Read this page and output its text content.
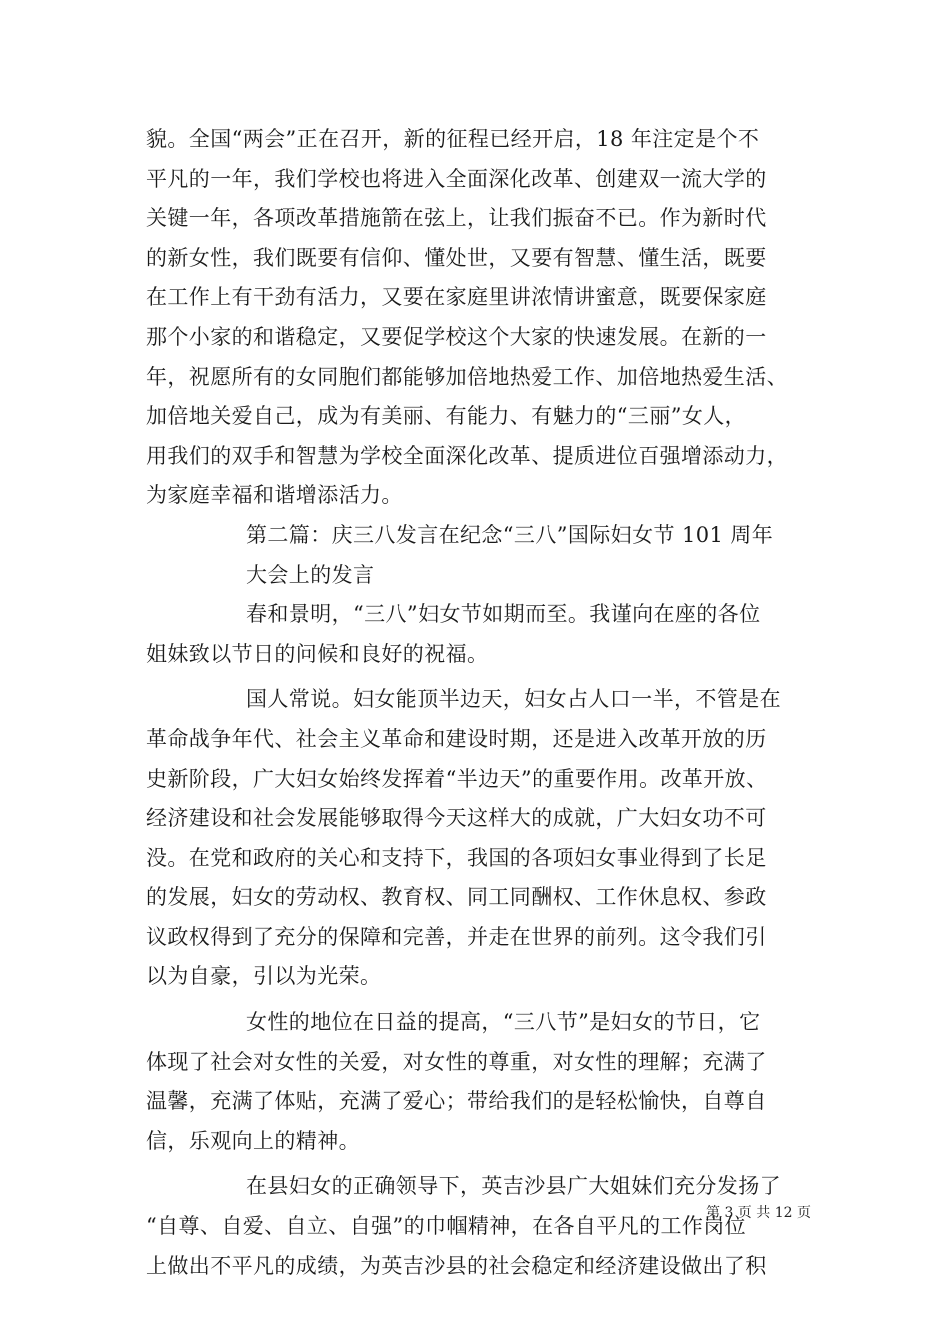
貌。全国“两会”正在召开，新的征程已经开启，18 年注定是个不
平凡的一年，我们学校也将进入全面深化改革、创建双一流大学的
关键一年，各项改革措施箭在弦上，让我们振奋不已。作为新时代
的新女性，我们既要有信仰、懂处世，又要有智慧、懂生活，既要
在工作上有干劲有活力，又要在家庭里讲浓情讲蜜意，既要保家庭
那个小家的和谐稳定，又要促学校这个大家的快速发展。在新的一
年，祝愿所有的女同胞们都能够加倍地热爱工作、加倍地热爱生活、
加倍地关爱自己，成为有美丽、有能力、有魅力的“三丽”女人，
用我们的双手和智慧为学校全面深化改革、提质进位百强增添动力，
为家庭幸福和谐增添活力。
第二篇：庆三八发言在纪念“三八”国际妇女节 101 周年
大会上的发言
春和景明，“三八”妇女节如期而至。我谨向在座的各位
姐妹致以节日的问候和良好的祝福。
国人常说。妇女能顶半边天，妇女占人口一半，不管是在
革命战争年代、社会主义革命和建设时期，还是进入改革开放的历
史新阶段，广大妇女始终发挥着“半边天”的重要作用。改革开放、
经济建设和社会发展能够取得今天这样大的成就，广大妇女功不可
没。在党和政府的关心和支持下，我国的各项妇女事业得到了长足
的发展，妇女的劳动权、教育权、同工同酬权、工作休息权、参政
议政权得到了充分的保障和完善，并走在世界的前列。这令我们引
以为自豪，引以为光荣。
女性的地位在日益的提高，“三八节”是妇女的节日，它
体现了社会对女性的关爱，对女性的尊重，对女性的理解；充满了
温馨，充满了体贴，充满了爱心；带给我们的是轻松愉快，自尊自
信，乐观向上的精神。
在县妇女的正确领导下，英吉沙县广大姐妹们充分发扬了
“自尊、自爱、自立、自强”的巾帼精神，在各自平凡的工作岗位
上做出不平凡的成绩，为英吉沙县的社会稳定和经济建设做出了积
第 3 页 共 12 页
